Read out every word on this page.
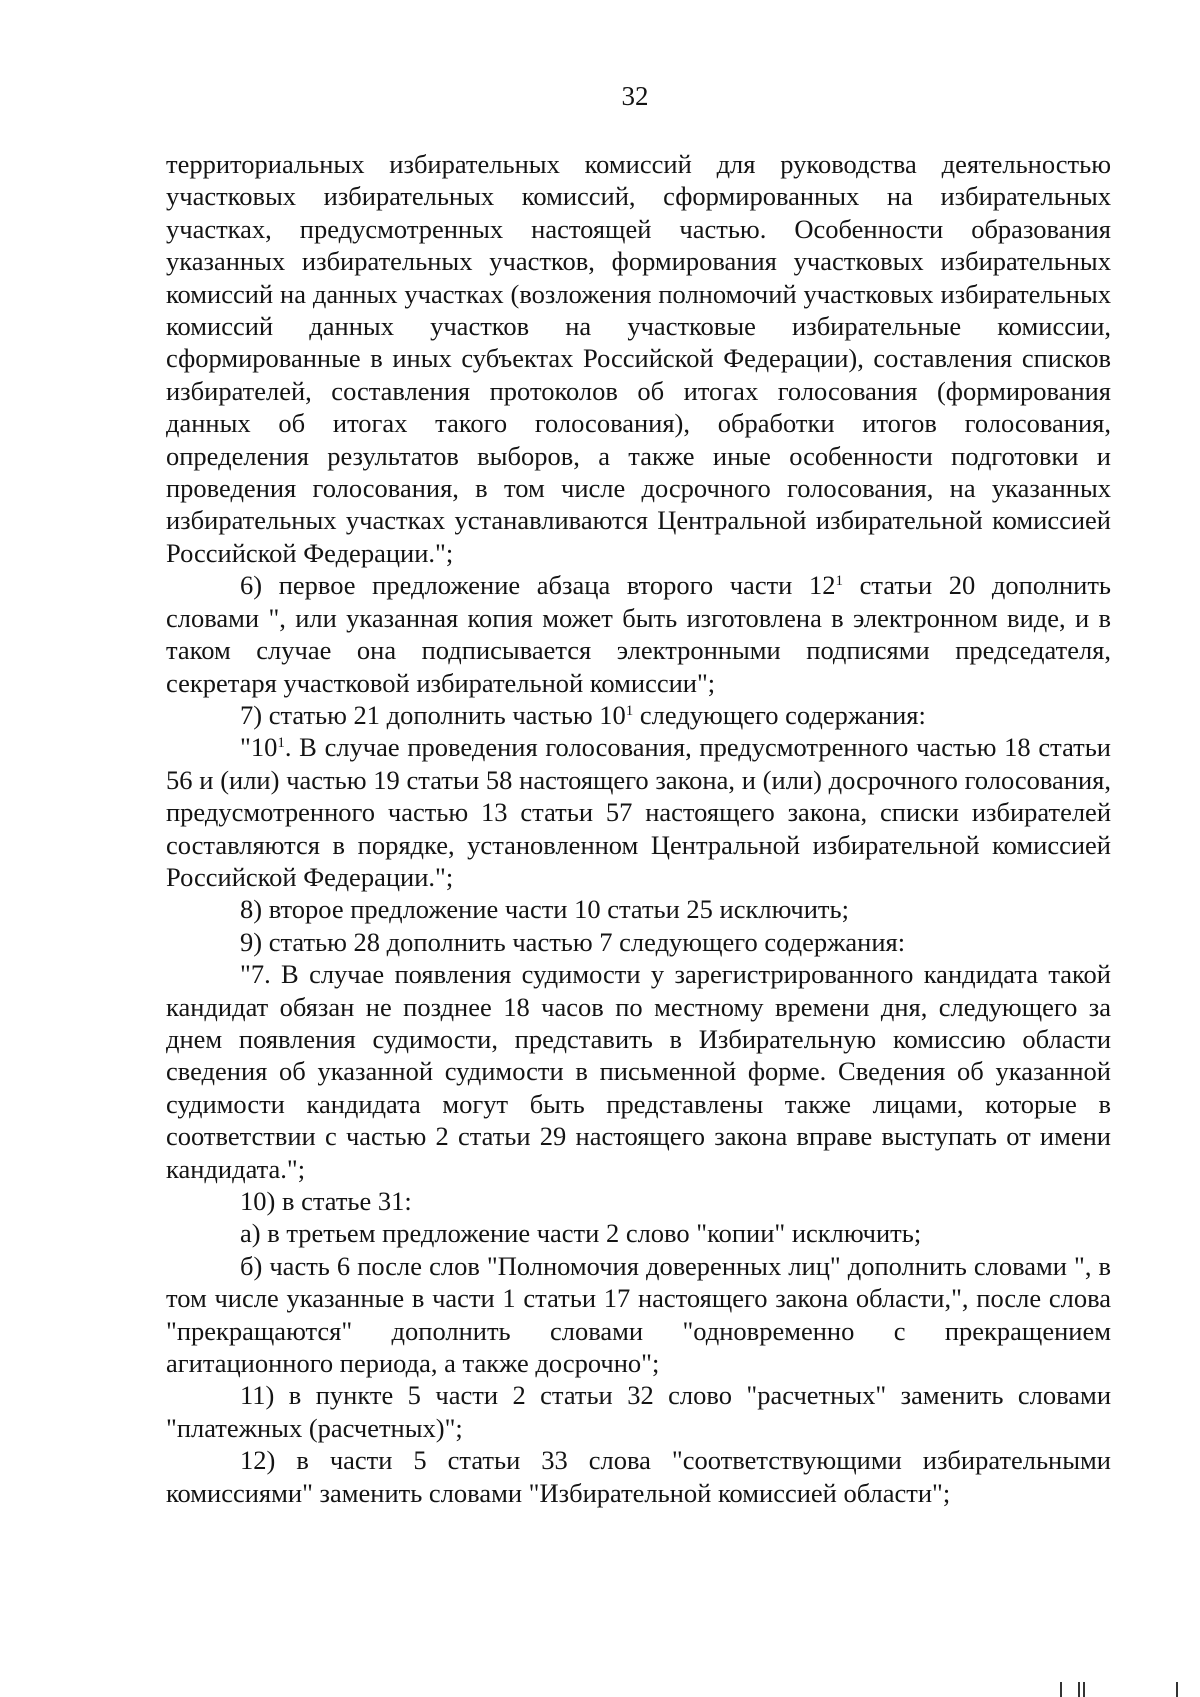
32

территориальных избирательных комиссий для руководства деятельностью участковых избирательных комиссий, сформированных на избирательных участках, предусмотренных настоящей частью. Особенности образования указанных избирательных участков, формирования участковых избирательных комиссий на данных участках (возложения полномочий участковых избирательных комиссий данных участков на участковые избирательные комиссии, сформированные в иных субъектах Российской Федерации), составления списков избирателей, составления протоколов об итогах голосования (формирования данных об итогах такого голосования), обработки итогов голосования, определения результатов выборов, а также иные особенности подготовки и проведения голосования, в том числе досрочного голосования, на указанных избирательных участках устанавливаются Центральной избирательной комиссией Российской Федерации.";

6) первое предложение абзаца второго части $12^1$ статьи 20 дополнить словами ", или указанная копия может быть изготовлена в электронном виде, и в таком случае она подписывается электронными подписями председателя, секретаря участковой избирательной комиссии";

7) статью 21 дополнить частью $10^1$ следующего содержания:

"$10^1$. В случае проведения голосования, предусмотренного частью 18 статьи 56 и (или) частью 19 статьи 58 настоящего закона, и (или) досрочного голосования, предусмотренного частью 13 статьи 57 настоящего закона, списки избирателей составляются в порядке, установленном Центральной избирательной комиссией Российской Федерации.";

8) второе предложение части 10 статьи 25 исключить;

9) статью 28 дополнить частью 7 следующего содержания:

"7. В случае появления судимости у зарегистрированного кандидата такой кандидат обязан не позднее 18 часов по местному времени дня, следующего за днем появления судимости, представить в Избирательную комиссию области сведения об указанной судимости в письменной форме. Сведения об указанной судимости кандидата могут быть представлены также лицами, которые в соответствии с частью 2 статьи 29 настоящего закона вправе выступать от имени кандидата.";

10) в статье 31:

а) в третьем предложение части 2 слово "копии" исключить;

б) часть 6 после слов "Полномочия доверенных лиц" дополнить словами ", в том числе указанные в части 1 статьи 17 настоящего закона области,", после слова "прекращаются" дополнить словами "одновременно с прекращением агитационного периода, а также досрочно";

11) в пункте 5 части 2 статьи 32 слово "расчетных" заменить словами "платежных (расчетных)";

12) в части 5 статьи 33 слова "соответствующими избирательными комиссиями" заменить словами "Избирательной комиссией области";
